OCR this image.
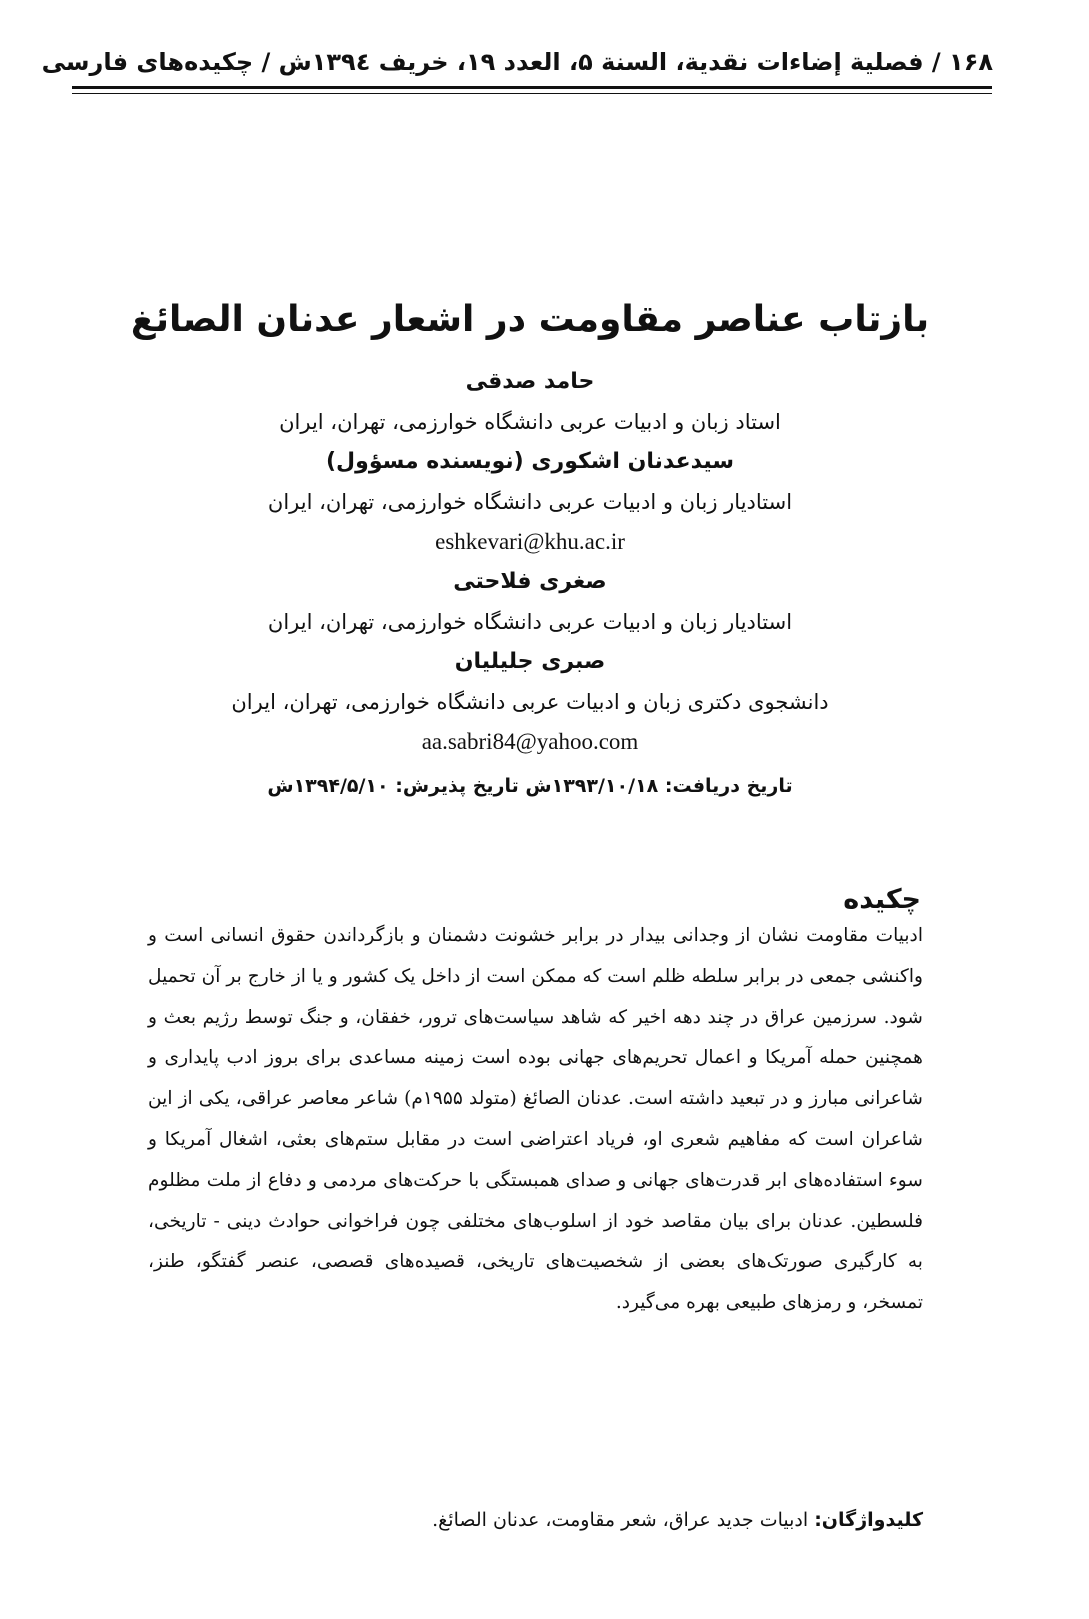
۱۶۸ / فصلية إضاءات نقدية، السنة ۵، العدد ۱۹، خريف ۱۳۹٤ش / چکیده‌های فارسی
بازتاب عناصر مقاومت در اشعار عدنان الصائغ
حامد صدقی
استاد زبان و ادبیات عربی دانشگاه خوارزمی، تهران، ایران
سیدعدنان اشکوری (نویسنده مسؤول)
استادیار زبان و ادبیات عربی دانشگاه خوارزمی، تهران، ایران
eshkevari@khu.ac.ir
صغری فلاحتی
استادیار زبان و ادبیات عربی دانشگاه خوارزمی، تهران، ایران
صبری جلیلیان
دانشجوی دکتری زبان و ادبیات عربی دانشگاه خوارزمی، تهران، ایران
aa.sabri84@yahoo.com
تاریخ دریافت: ۱۳۹۳/۱۰/۱۸ش تاریخ پذیرش: ۱۳۹۴/۵/۱۰ش
چکیده
ادبیات مقاومت نشان از وجدانی بیدار در برابر خشونت دشمنان و بازگرداندن حقوق انسانی است و واکنشی جمعی در برابر سلطه ظلم است که ممکن است از داخل یک کشور و یا از خارج بر آن تحمیل شود. سرزمین عراق در چند دهه اخیر که شاهد سیاست‌های ترور، خفقان، و جنگ توسط رژیم بعث و همچنین حمله آمریکا و اعمال تحریم‌های جهانی بوده است زمینه مساعدی برای بروز ادب پایداری و شاعرانی مبارز و در تبعید داشته است. عدنان الصائغ (متولد ۱۹۵۵م) شاعر معاصر عراقی، یکی از این شاعران است که مفاهیم شعری او، فریاد اعتراضی است در مقابل ستم‌های بعثی، اشغال آمریکا و سوء استفاده‌های ابر قدرت‌های جهانی و صدای همبستگی با حرکت‌های مردمی و دفاع از ملت مظلوم فلسطین. عدنان برای بیان مقاصد خود از اسلوب‌های مختلفی چون فراخوانی حوادث دینی - تاریخی، به کارگیری صورتک‌های بعضی از شخصیت‌های تاریخی، قصیده‌های قصصی، عنصر گفتگو، طنز، تمسخر، و رمزهای طبیعی بهره می‌گیرد.
کلیدواژگان: ادبیات جدید عراق، شعر مقاومت، عدنان الصائغ.
